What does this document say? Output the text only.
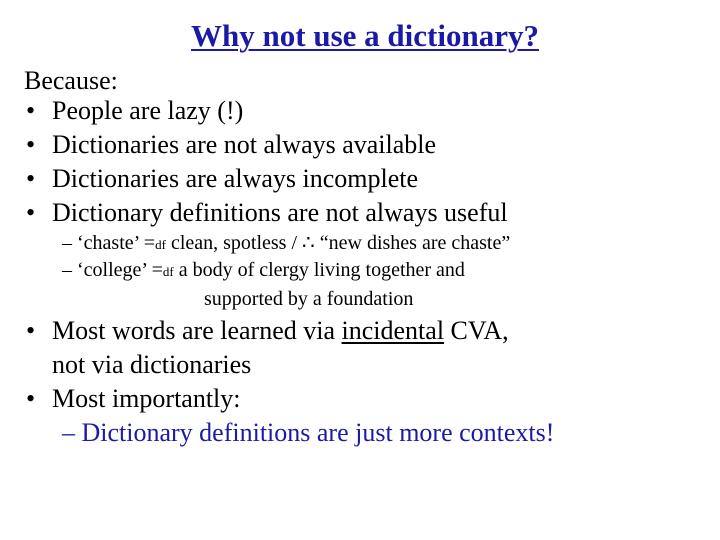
Why not use a dictionary?
Because:
• People are lazy (!)
• Dictionaries are not always available
• Dictionaries are always incomplete
• Dictionary definitions are not always useful
– ‘chaste’ =df clean, spotless / ∴ “new dishes are chaste”
– ‘college’ =df a body of clergy living together and
supported by a foundation
• Most words are learned via incidental CVA,
not via dictionaries
• Most importantly:
– Dictionary definitions are just more contexts!
